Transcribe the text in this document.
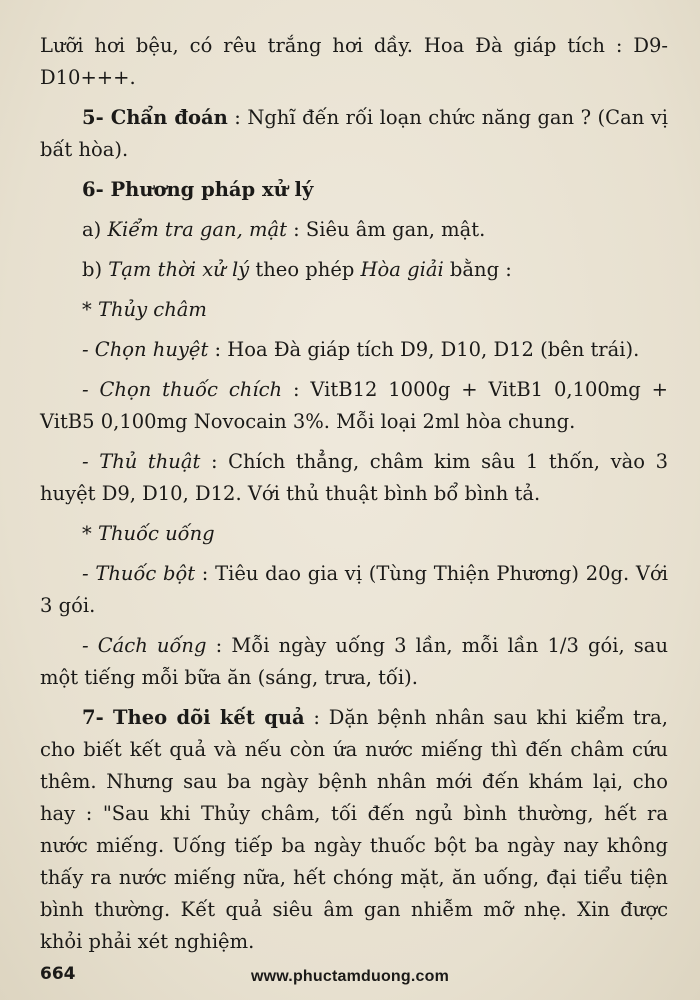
Lưỡi hơi bệu, có rêu trắng hơi dầy. Hoa Đà giáp tích : D9-D10+++.

5- Chẩn đoán : Nghĩ đến rối loạn chức năng gan ? (Can vị bất hòa).

6- Phương pháp xử lý

a) Kiểm tra gan, mật : Siêu âm gan, mật.

b) Tạm thời xử lý theo phép Hòa giải bằng :

* Thủy châm

- Chọn huyệt : Hoa Đà giáp tích D9, D10, D12 (bên trái).

- Chọn thuốc chích : VitB12 1000g + VitB1 0,100mg + VitB5 0,100mg Novocain 3%. Mỗi loại 2ml hòa chung.

- Thủ thuật : Chích thẳng, châm kim sâu 1 thốn, vào 3 huyệt D9, D10, D12. Với thủ thuật bình bổ bình tả.

* Thuốc uống

- Thuốc bột : Tiêu dao gia vị (Tùng Thiện Phương) 20g. Với 3 gói.

- Cách uống : Mỗi ngày uống 3 lần, mỗi lần 1/3 gói, sau một tiếng mỗi bữa ăn (sáng, trưa, tối).

7- Theo dõi kết quả : Dặn bệnh nhân sau khi kiểm tra, cho biết kết quả và nếu còn ứa nước miếng thì đến châm cứu thêm. Nhưng sau ba ngày bệnh nhân mới đến khám lại, cho hay : "Sau khi Thủy châm, tối đến ngủ bình thường, hết ra nước miếng. Uống tiếp ba ngày thuốc bột ba ngày nay không thấy ra nước miếng nữa, hết chóng mặt, ăn uống, đại tiểu tiện bình thường. Kết quả siêu âm gan nhiễm mỡ nhẹ. Xin được khỏi phải xét nghiệm.

664	www.phuctamduong.com
